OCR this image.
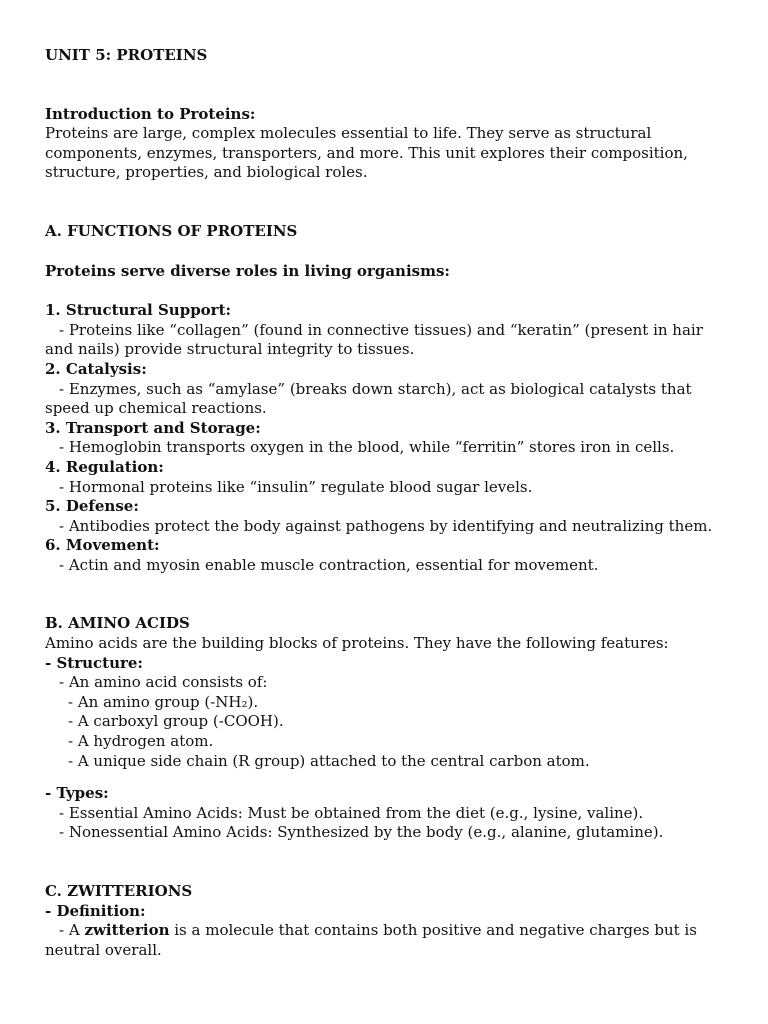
UNIT 5: PROTEINS

Introduction to Proteins:

Proteins are large, complex molecules essential to life. They serve as structural components, enzymes, transporters, and more. This unit explores their composition, structure, properties, and biological roles.

A. FUNCTIONS OF PROTEINS

Proteins serve diverse roles in living organisms:

1. Structural Support:

- Proteins like “collagen” (found in connective tissues) and “keratin” (present in hair and nails) provide structural integrity to tissues.

2. Catalysis:

- Enzymes, such as “amylase” (breaks down starch), act as biological catalysts that speed up chemical reactions.

3. Transport and Storage:

- Hemoglobin transports oxygen in the blood, while “ferritin” stores iron in cells.

4. Regulation:

- Hormonal proteins like “insulin” regulate blood sugar levels.

5. Defense:

- Antibodies protect the body against pathogens by identifying and neutralizing them.

6. Movement:

- Actin and myosin enable muscle contraction, essential for movement.

B. AMINO ACIDS

Amino acids are the building blocks of proteins. They have the following features:

- Structure:

- An amino acid consists of:

- An amino group (-NH₂).

- A carboxyl group (-COOH).

- A hydrogen atom.

- A unique side chain (R group) attached to the central carbon atom.

- Types:

- Essential Amino Acids: Must be obtained from the diet (e.g., lysine, valine).

- Nonessential Amino Acids: Synthesized by the body (e.g., alanine, glutamine).

C. ZWITTERIONS

- Definition:

- A zwitterion is a molecule that contains both positive and negative charges but is neutral overall.
